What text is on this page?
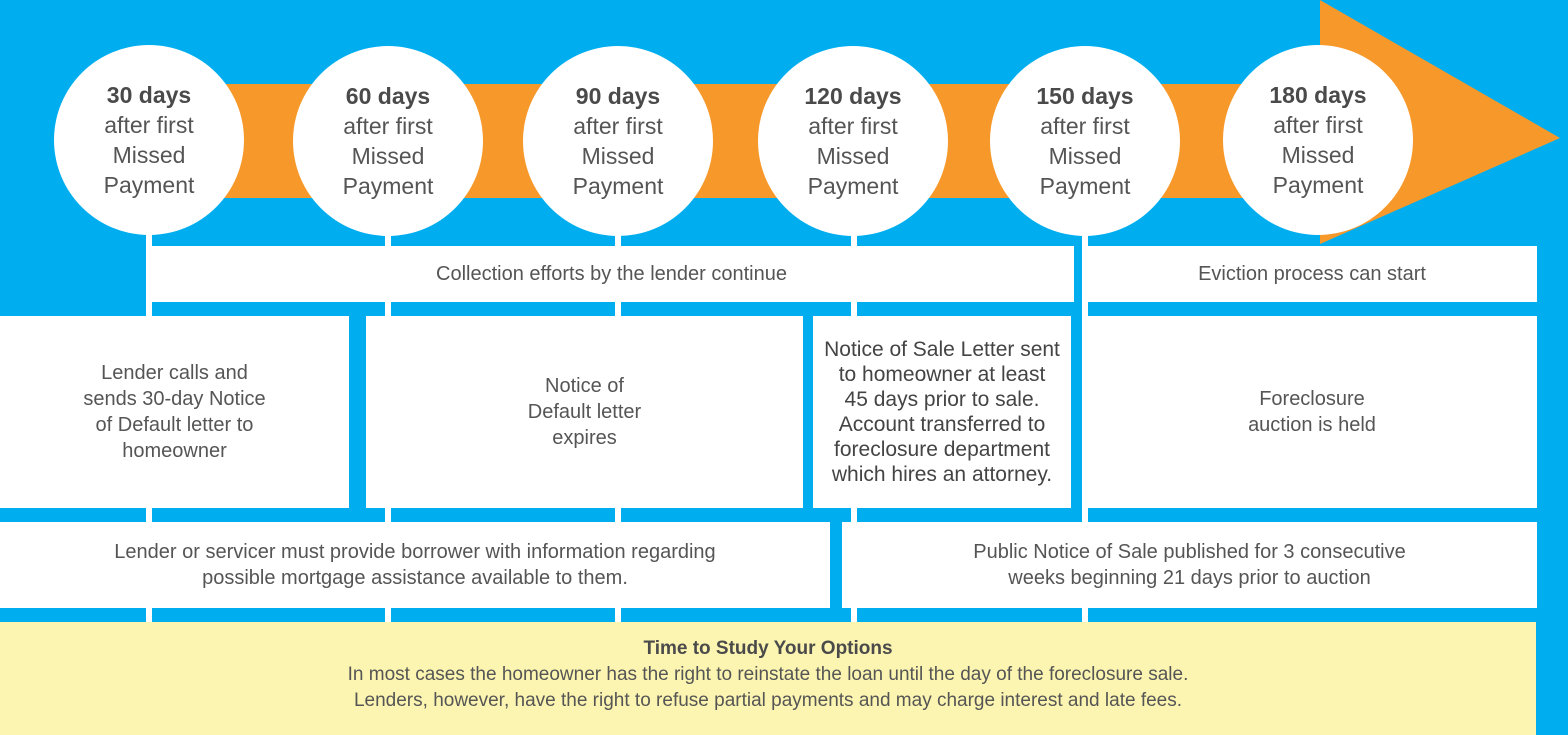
30 days
after first
Missed
Payment
60 days
after first
Missed
Payment
90 days
after first
Missed
Payment
120 days
after first
Missed
Payment
150 days
after first
Missed
Payment
180 days
after first
Missed
Payment
Collection efforts by the lender continue	Eviction process can start
Lender calls and
sends 30-day Notice
of Default letter to
homeowner
Notice of
Default letter
expires
Notice of Sale Letter sent
to homeowner at least
45 days prior to sale.
Account transferred to
foreclosure department
which hires an attorney.
Foreclosure
auction is held
Lender or servicer must provide borrower with information regarding
possible mortgage assistance available to them.
Public Notice of Sale published for 3 consecutive
weeks beginning 21 days prior to auction
Time to Study Your Options
In most cases the homeowner has the right to reinstate the loan until the day of the foreclosure sale.
Lenders, however, have the right to refuse partial payments and may charge interest and late fees.
